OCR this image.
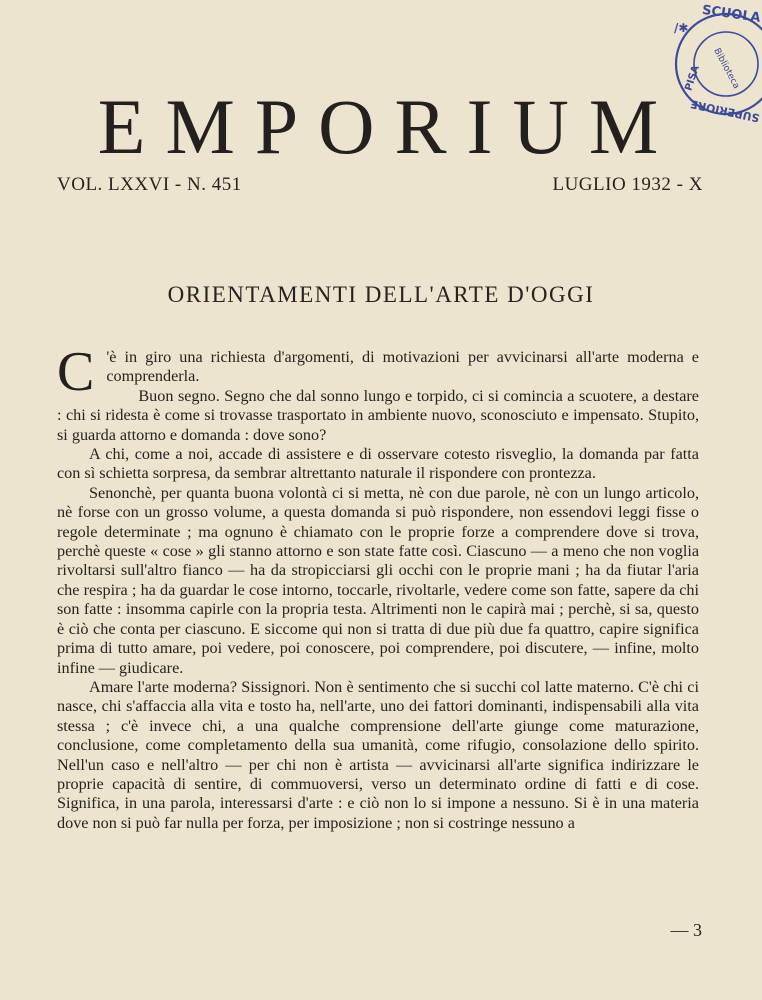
SCUOLA
PISA
SUPERIORE
Biblioteca
/✱
EMPORIUM
VOL. LXXVI - N. 451	LUGLIO 1932 - X
ORIENTAMENTI DELL'ARTE D'OGGI

C 'è in giro una richiesta d'argomenti, di motivazioni per avvicinarsi all'arte moderna e comprenderla.

Buon segno. Segno che dal sonno lungo e torpido, ci si comincia a scuotere, a destare : chi si ridesta è come si trovasse trasportato in ambiente nuovo, sconosciuto e impensato. Stupito, si guarda attorno e domanda : dove sono?

A chi, come a noi, accade di assistere e di osservare cotesto risveglio, la domanda par fatta con sì schietta sorpresa, da sembrar altrettanto naturale il rispondere con prontezza.

Senonchè, per quanta buona volontà ci si metta, nè con due parole, nè con un lungo articolo, nè forse con un grosso volume, a questa domanda si può rispondere, non essendovi leggi fisse o regole determinate ; ma ognuno è chiamato con le proprie forze a comprendere dove si trova, perchè queste « cose » gli stanno attorno e son state fatte così. Ciascuno — a meno che non voglia rivoltarsi sull'altro fianco — ha da stropicciarsi gli occhi con le proprie mani ; ha da fiutar l'aria che respira ; ha da guardar le cose intorno, toccarle, rivoltarle, vedere come son fatte, sapere da chi son fatte : insomma capirle con la propria testa. Altrimenti non le capirà mai ; perchè, si sa, questo è ciò che conta per ciascuno. E siccome qui non si tratta di due più due fa quattro, capire significa prima di tutto amare, poi vedere, poi conoscere, poi comprendere, poi discutere, — infine, molto infine — giudicare.

Amare l'arte moderna? Sissignori. Non è sentimento che si succhi col latte materno. C'è chi ci nasce, chi s'affaccia alla vita e tosto ha, nell'arte, uno dei fattori dominanti, indispensabili alla vita stessa ; c'è invece chi, a una qualche comprensione dell'arte giunge come maturazione, conclusione, come completamento della sua umanità, come rifugio, consolazione dello spirito. Nell'un caso e nell'altro — per chi non è artista — avvicinarsi all'arte significa indirizzare le proprie capacità di sentire, di commuoversi, verso un determinato ordine di fatti e di cose. Significa, in una parola, interessarsi d'arte : e ciò non lo si impone a nessuno. Si è in una materia dove non si può far nulla per forza, per imposizione ; non si costringe nessuno a

— 3
